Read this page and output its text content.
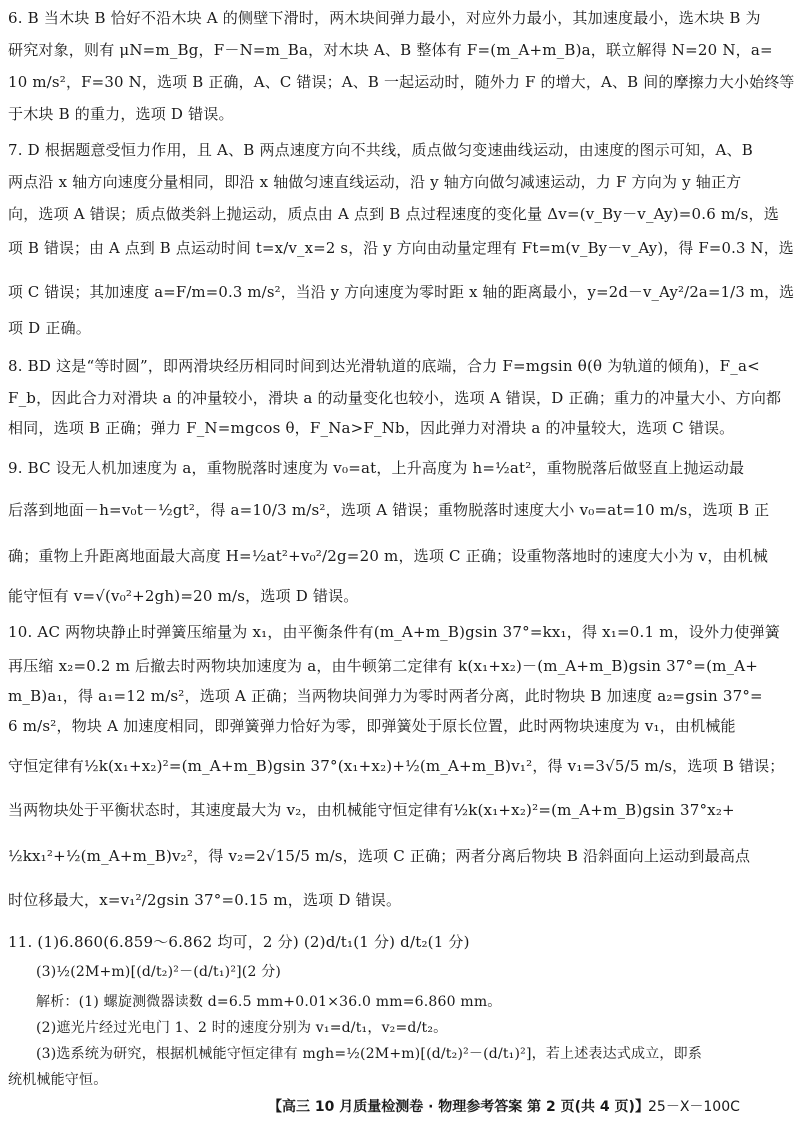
6. B 当木块 B 恰好不沿木块 A 的侧壁下滑时，两木块间弹力最小，对应外力最小，其加速度最小，选木块 B 为
研究对象，则有 μN=m_Bg，F－N=m_Ba，对木块 A、B 整体有 F=(m_A+m_B)a，联立解得 N=20 N，a=
10 m/s²，F=30 N，选项 B 正确，A、C 错误；A、B 一起运动时，随外力 F 的增大，A、B 间的摩擦力大小始终等
于木块 B 的重力，选项 D 错误。
7. D 根据题意受恒力作用，且 A、B 两点速度方向不共线，质点做匀变速曲线运动，由速度的图示可知，A、B
两点沿 x 轴方向速度分量相同，即沿 x 轴做匀速直线运动，沿 y 轴方向做匀减速运动，力 F 方向为 y 轴正方
向，选项 A 错误；质点做类斜上抛运动，质点由 A 点到 B 点过程速度的变化量 Δv=(v_By－v_Ay)=0.6 m/s，选
项 B 错误；由 A 点到 B 点运动时间 t=x/v_x=2 s，沿 y 方向由动量定理有 Ft=m(v_By－v_Ay)，得 F=0.3 N，选
项 C 错误；其加速度 a=F/m=0.3 m/s²，当沿 y 方向速度为零时距 x 轴的距离最小，y=2d－v_Ay²/2a=1/3 m，选
项 D 正确。
8. BD 这是“等时圆”，即两滑块经历相同时间到达光滑轨道的底端，合力 F=mgsin θ(θ 为轨道的倾角)，F_a<
F_b，因此合力对滑块 a 的冲量较小，滑块 a 的动量变化也较小，选项 A 错误，D 正确；重力的冲量大小、方向都
相同，选项 B 正确；弹力 F_N=mgcos θ，F_Na>F_Nb，因此弹力对滑块 a 的冲量较大，选项 C 错误。
9. BC 设无人机加速度为 a，重物脱落时速度为 v₀=at，上升高度为 h=½at²，重物脱落后做竖直上抛运动最
后落到地面－h=v₀t－½gt²，得 a=10/3 m/s²，选项 A 错误；重物脱落时速度大小 v₀=at=10 m/s，选项 B 正
确；重物上升距离地面最大高度 H=½at²+v₀²/2g=20 m，选项 C 正确；设重物落地时的速度大小为 v，由机械
能守恒有 v=√(v₀²+2gh)=20 m/s，选项 D 错误。
10. AC 两物块静止时弹簧压缩量为 x₁，由平衡条件有(m_A+m_B)gsin 37°=kx₁，得 x₁=0.1 m，设外力使弹簧
再压缩 x₂=0.2 m 后撤去时两物块加速度为 a，由牛顿第二定律有 k(x₁+x₂)－(m_A+m_B)gsin 37°=(m_A+
m_B)a₁，得 a₁=12 m/s²，选项 A 正确；当两物块间弹力为零时两者分离，此时物块 B 加速度 a₂=gsin 37°=
6 m/s²，物块 A 加速度相同，即弹簧弹力恰好为零，即弹簧处于原长位置，此时两物块速度为 v₁，由机械能
守恒定律有½k(x₁+x₂)²=(m_A+m_B)gsin 37°(x₁+x₂)+½(m_A+m_B)v₁²，得 v₁=3√5/5 m/s，选项 B 错误；
当两物块处于平衡状态时，其速度最大为 v₂，由机械能守恒定律有½k(x₁+x₂)²=(m_A+m_B)gsin 37°x₂+
½kx₁²+½(m_A+m_B)v₂²，得 v₂=2√15/5 m/s，选项 C 正确；两者分离后物块 B 沿斜面向上运动到最高点
时位移最大，x=v₁²/2gsin 37°=0.15 m，选项 D 错误。
11. (1)6.860(6.859～6.862 均可，2 分) (2)d/t₁(1 分) d/t₂(1 分)
(3)½(2M+m)[(d/t₂)²－(d/t₁)²](2 分)
解析：(1) 螺旋测微器读数 d=6.5 mm+0.01×36.0 mm=6.860 mm。
(2)遮光片经过光电门 1、2 时的速度分别为 v₁=d/t₁，v₂=d/t₂。
(3)选系统为研究，根据机械能守恒定律有 mgh=½(2M+m)[(d/t₂)²－(d/t₁)²]，若上述表达式成立，即系
统机械能守恒。
【高三 10 月质量检测卷 · 物理参考答案 第 2 页(共 4 页)】 25－X－100C
